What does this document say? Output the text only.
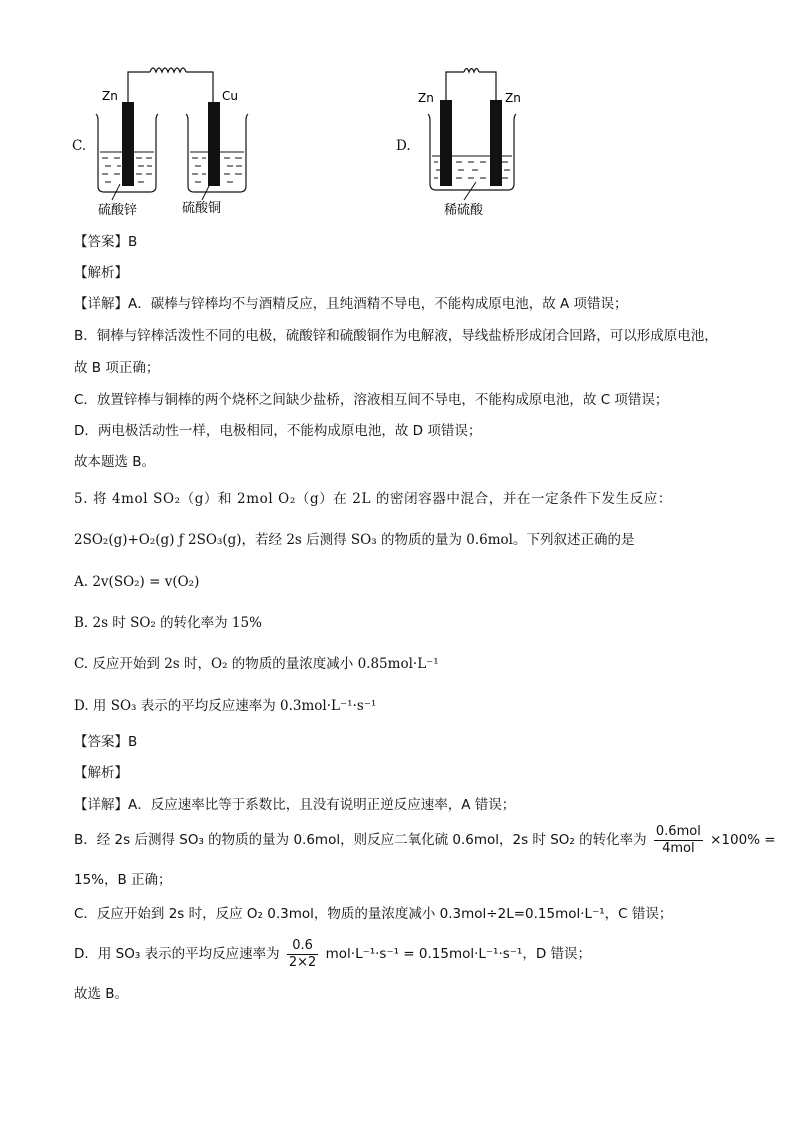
C.
Zn	Cu
硫酸锌	硫酸铜
D.
Zn	Zn
稀硫酸
【答案】B
【解析】
【详解】A．碳棒与锌棒均不与酒精反应，且纯酒精不导电，不能构成原电池，故 A 项错误；
B．铜棒与锌棒活泼性不同的电极，硫酸锌和硫酸铜作为电解液，导线盐桥形成闭合回路，可以形成原电池，
故 B 项正确；
C．放置锌棒与铜棒的两个烧杯之间缺少盐桥，溶液相互间不导电，不能构成原电池，故 C 项错误；
D．两电极活动性一样，电极相同，不能构成原电池，故 D 项错误；
故本题选 B。
5. 将 4mol SO₂（g）和 2mol O₂（g）在 2L 的密闭容器中混合，并在一定条件下发生反应：
2SO₂(g)+O₂(g) ƒ 2SO₃(g)，若经 2s 后测得 SO₃ 的物质的量为 0.6mol。下列叙述正确的是
A. 2v(SO₂) = v(O₂)
B. 2s 时 SO₂ 的转化率为 15%
C. 反应开始到 2s 时，O₂ 的物质的量浓度减小 0.85mol·L⁻¹
D. 用 SO₃ 表示的平均反应速率为 0.3mol·L⁻¹·s⁻¹
【答案】B
【解析】
【详解】A．反应速率比等于系数比，且没有说明正逆反应速率，A 错误；
B．经 2s 后测得 SO₃ 的物质的量为 0.6mol，则反应二氧化硫 0.6mol，2s 时 SO₂ 的转化率为 $\frac{\text{0.6mol}}{\text{4mol}} \times 100\%$ =
15%，B 正确；
C．反应开始到 2s 时，反应 O₂ 0.3mol，物质的量浓度减小 0.3mol÷2L=0.15mol·L⁻¹，C 错误；
D．用 SO₃ 表示的平均反应速率为 $\frac{0.6}{2\times 2} mol\cdot L^{-1}\cdot s^{-1} = 0.15mol\cdot L^{-1}\cdot s^{-1}$，D 错误；
故选 B。
